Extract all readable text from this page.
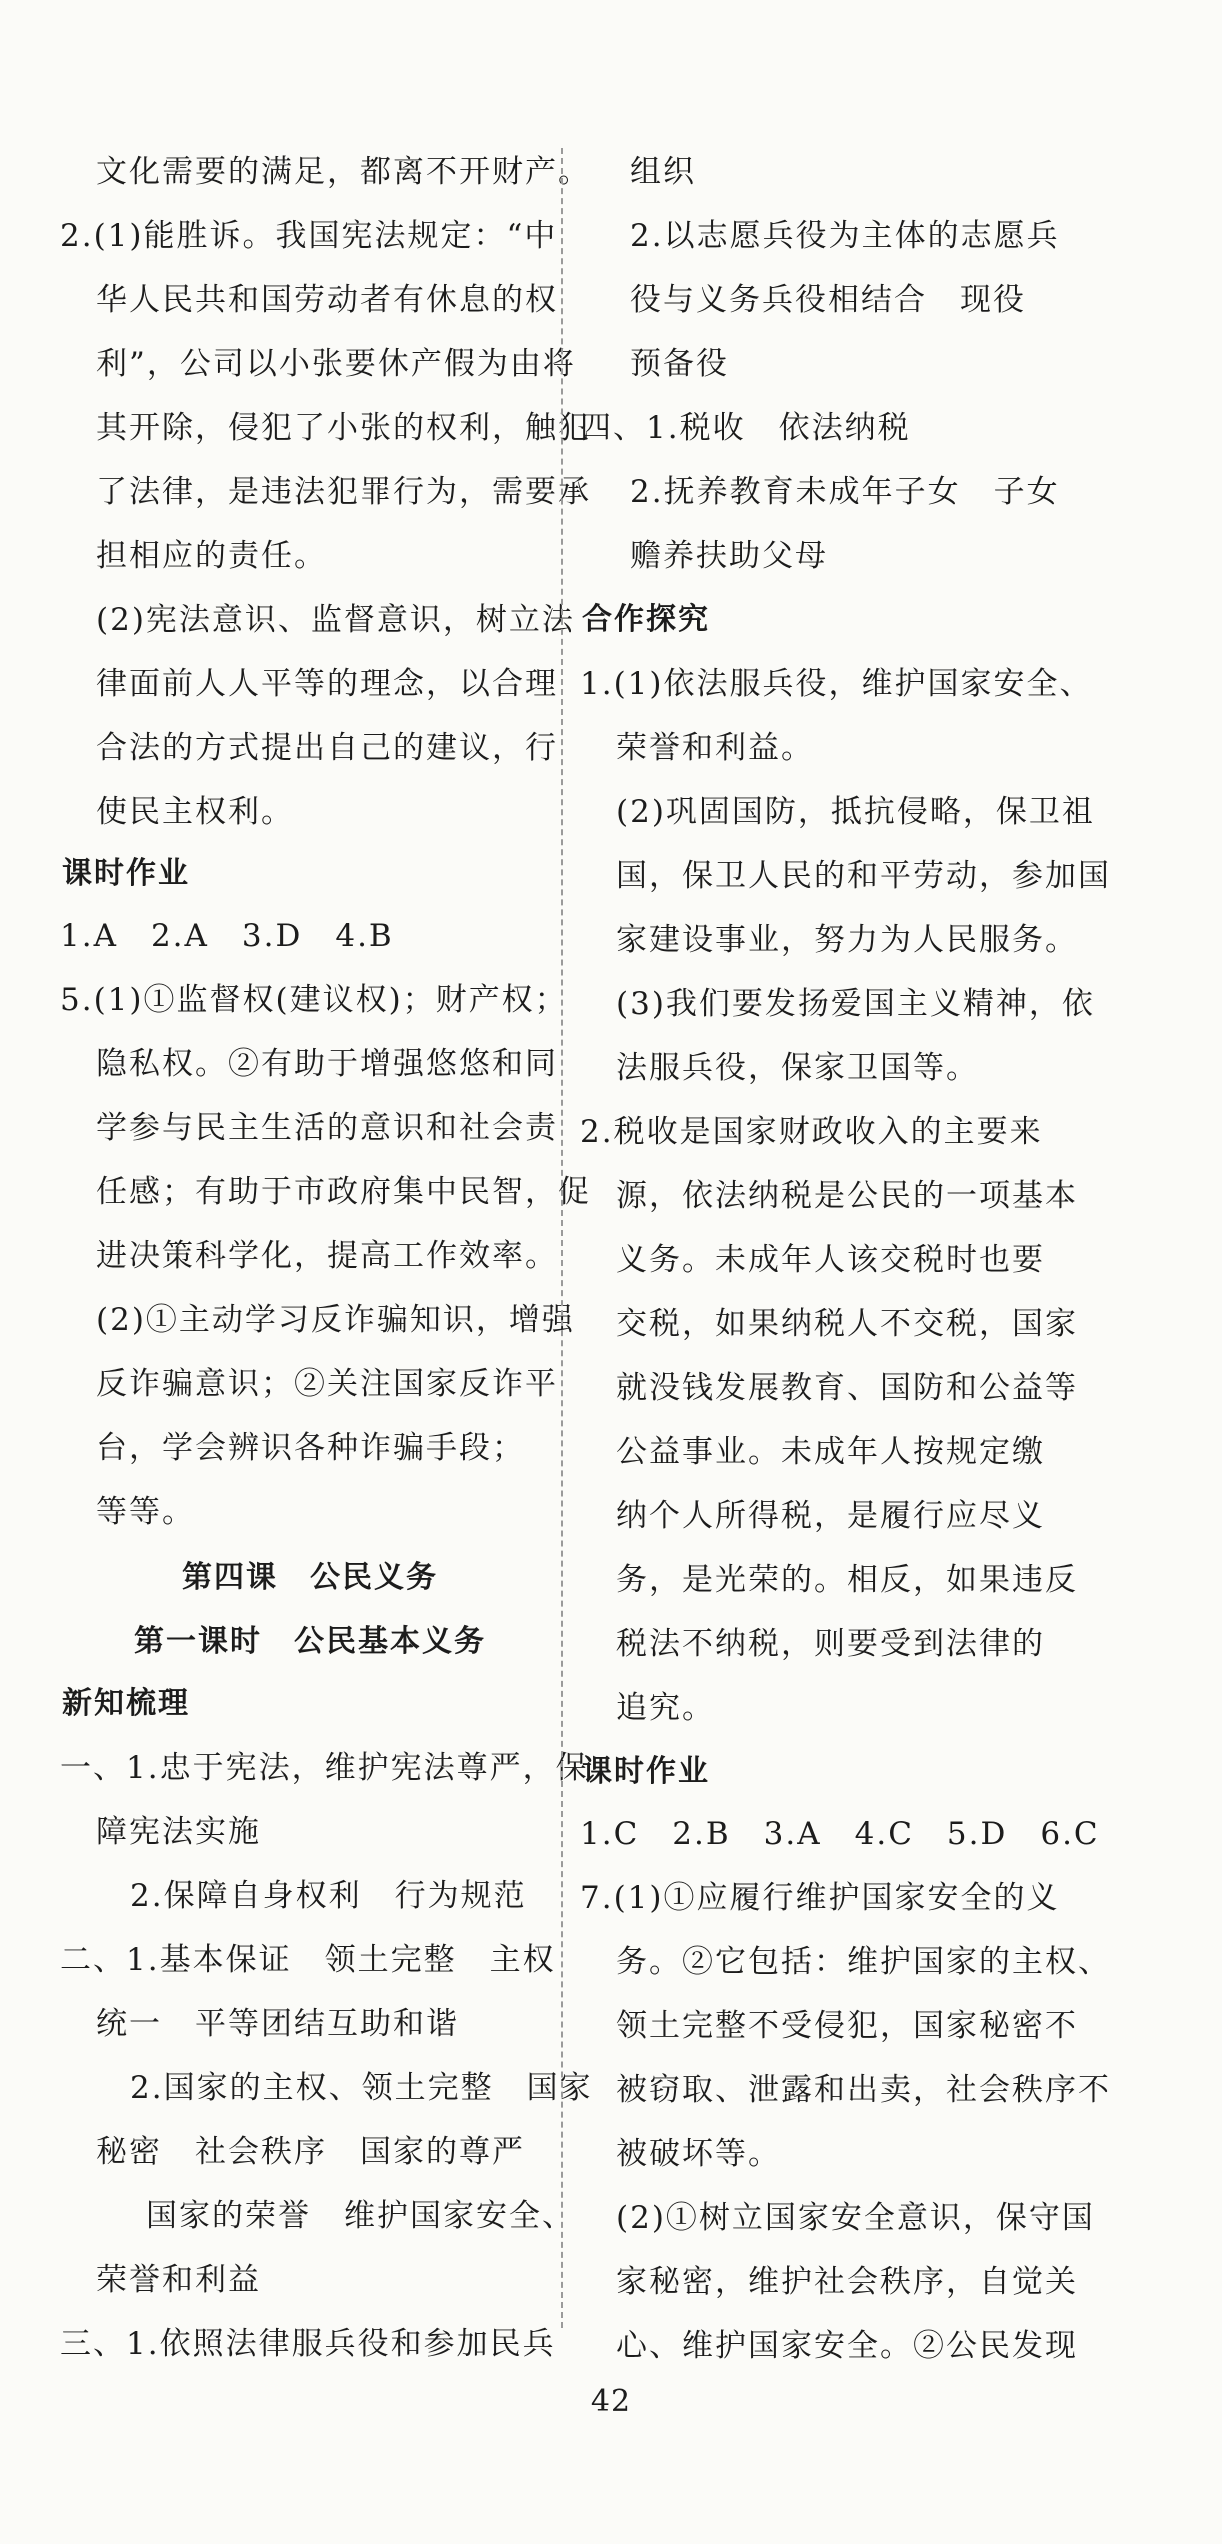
文化需要的满足，都离不开财产。
2.(1)能胜诉。我国宪法规定：“中
华人民共和国劳动者有休息的权
利”，公司以小张要休产假为由将
其开除，侵犯了小张的权利，触犯
了法律，是违法犯罪行为，需要承
担相应的责任。
(2)宪法意识、监督意识，树立法
律面前人人平等的理念，以合理
合法的方式提出自己的建议，行
使民主权利。
课时作业
1.A　2.A　3.D　4.B
5.(1)①监督权(建议权)；财产权；
隐私权。②有助于增强悠悠和同
学参与民主生活的意识和社会责
任感；有助于市政府集中民智，促
进决策科学化，提高工作效率。
(2)①主动学习反诈骗知识，增强
反诈骗意识；②关注国家反诈平
台，学会辨识各种诈骗手段；
等等。
第四课　公民义务
第一课时　公民基本义务
新知梳理
一、1.忠于宪法，维护宪法尊严，保
障宪法实施
2.保障自身权利　行为规范
二、1.基本保证　领土完整　主权
统一　平等团结互助和谐
2.国家的主权、领土完整　国家
秘密　社会秩序　国家的尊严
国家的荣誉　维护国家安全、
荣誉和利益
三、1.依照法律服兵役和参加民兵
组织
2.以志愿兵役为主体的志愿兵
役与义务兵役相结合　现役
预备役
四、1.税收　依法纳税
2.抚养教育未成年子女　子女
赡养扶助父母
合作探究
1.(1)依法服兵役，维护国家安全、
荣誉和利益。
(2)巩固国防，抵抗侵略，保卫祖
国，保卫人民的和平劳动，参加国
家建设事业，努力为人民服务。
(3)我们要发扬爱国主义精神，依
法服兵役，保家卫国等。
2.税收是国家财政收入的主要来
源，依法纳税是公民的一项基本
义务。未成年人该交税时也要
交税，如果纳税人不交税，国家
就没钱发展教育、国防和公益等
公益事业。未成年人按规定缴
纳个人所得税，是履行应尽义
务，是光荣的。相反，如果违反
税法不纳税，则要受到法律的
追究。
课时作业
1.C　2.B　3.A　4.C　5.D　6.C
7.(1)①应履行维护国家安全的义
务。②它包括：维护国家的主权、
领土完整不受侵犯，国家秘密不
被窃取、泄露和出卖，社会秩序不
被破坏等。
(2)①树立国家安全意识，保守国
家秘密，维护社会秩序，自觉关
心、维护国家安全。②公民发现
42
